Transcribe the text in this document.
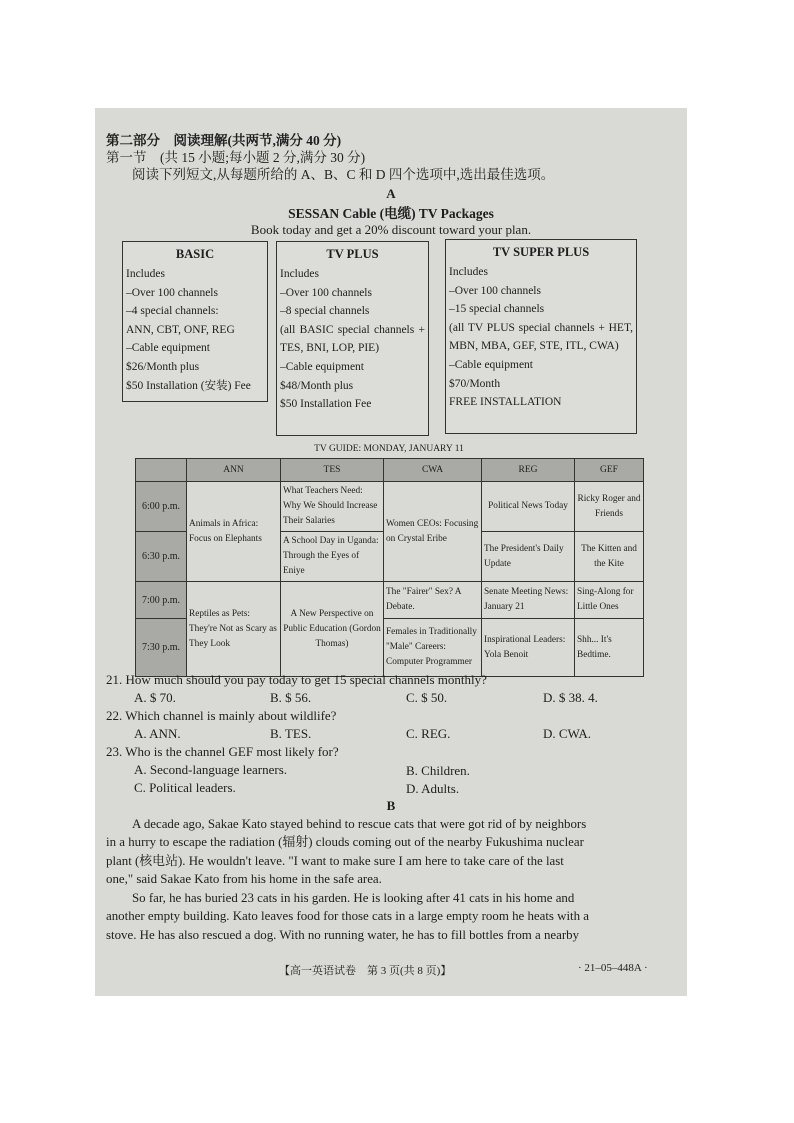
第二部分　阅读理解(共两节,满分 40 分)
第一节　(共 15 小题;每小题 2 分,满分 30 分)
阅读下列短文,从每题所给的 A、B、C 和 D 四个选项中,选出最佳选项。
A
SESSAN Cable (电缆) TV Packages
Book today and get a 20% discount toward your plan.
BASIC
Includes
–Over 100 channels
–4 special channels:
ANN, CBT, ONF, REG
–Cable equipment
$26/Month plus
$50 Installation (安装) Fee
TV PLUS
Includes
–Over 100 channels
–8 special channels
(all BASIC special channels + TES, BNI, LOP, PIE)
–Cable equipment
$48/Month plus
$50 Installation Fee
TV SUPER PLUS
Includes
–Over 100 channels
–15 special channels
(all TV PLUS special channels + HET, MBN, MBA, GEF, STE, ITL, CWA)
–Cable equipment
$70/Month
FREE INSTALLATION
TV GUIDE: MONDAY, JANUARY 11
	ANN	TES	CWA	REG	GEF
6:00 p.m.	Animals in Africa: Focus on Elephants	What Teachers Need: Why We Should Increase Their Salaries	Women CEOs: Focusing on Crystal Eribe	Political News Today	Ricky Roger and Friends
6:30 p.m.		A School Day in Uganda: Through the Eyes of Eniye		The President's Daily Update	The Kitten and the Kite
7:00 p.m.	Reptiles as Pets: They're Not as Scary as They Look	A New Perspective on Public Education (Gordon Thomas)	The "Fairer" Sex? A Debate.	Senate Meeting News: January 21	Sing-Along for Little Ones
7:30 p.m.			Females in Traditionally "Male" Careers: Computer Programmer	Inspirational Leaders: Yola Benoit	Shh... It's Bedtime.
21. How much should you pay today to get 15 special channels monthly?
A. $ 70.	B. $ 56.	C. $ 50.	D. $ 38. 4.
22. Which channel is mainly about wildlife?
A. ANN.	B. TES.	C. REG.	D. CWA.
23. Who is the channel GEF most likely for?
A. Second-language learners.	B. Children.
C. Political leaders.	D. Adults.
B
A decade ago, Sakae Kato stayed behind to rescue cats that were got rid of by neighbors
in a hurry to escape the radiation (辐射) clouds coming out of the nearby Fukushima nuclear
plant (核电站). He wouldn't leave. "I want to make sure I am here to take care of the last
one," said Sakae Kato from his home in the safe area.
So far, he has buried 23 cats in his garden. He is looking after 41 cats in his home and
another empty building. Kato leaves food for those cats in a large empty room he heats with a
stove. He has also rescued a dog. With no running water, he has to fill bottles from a nearby
【高一英语试卷　第 3 页(共 8 页)】	· 21–05–448A ·
